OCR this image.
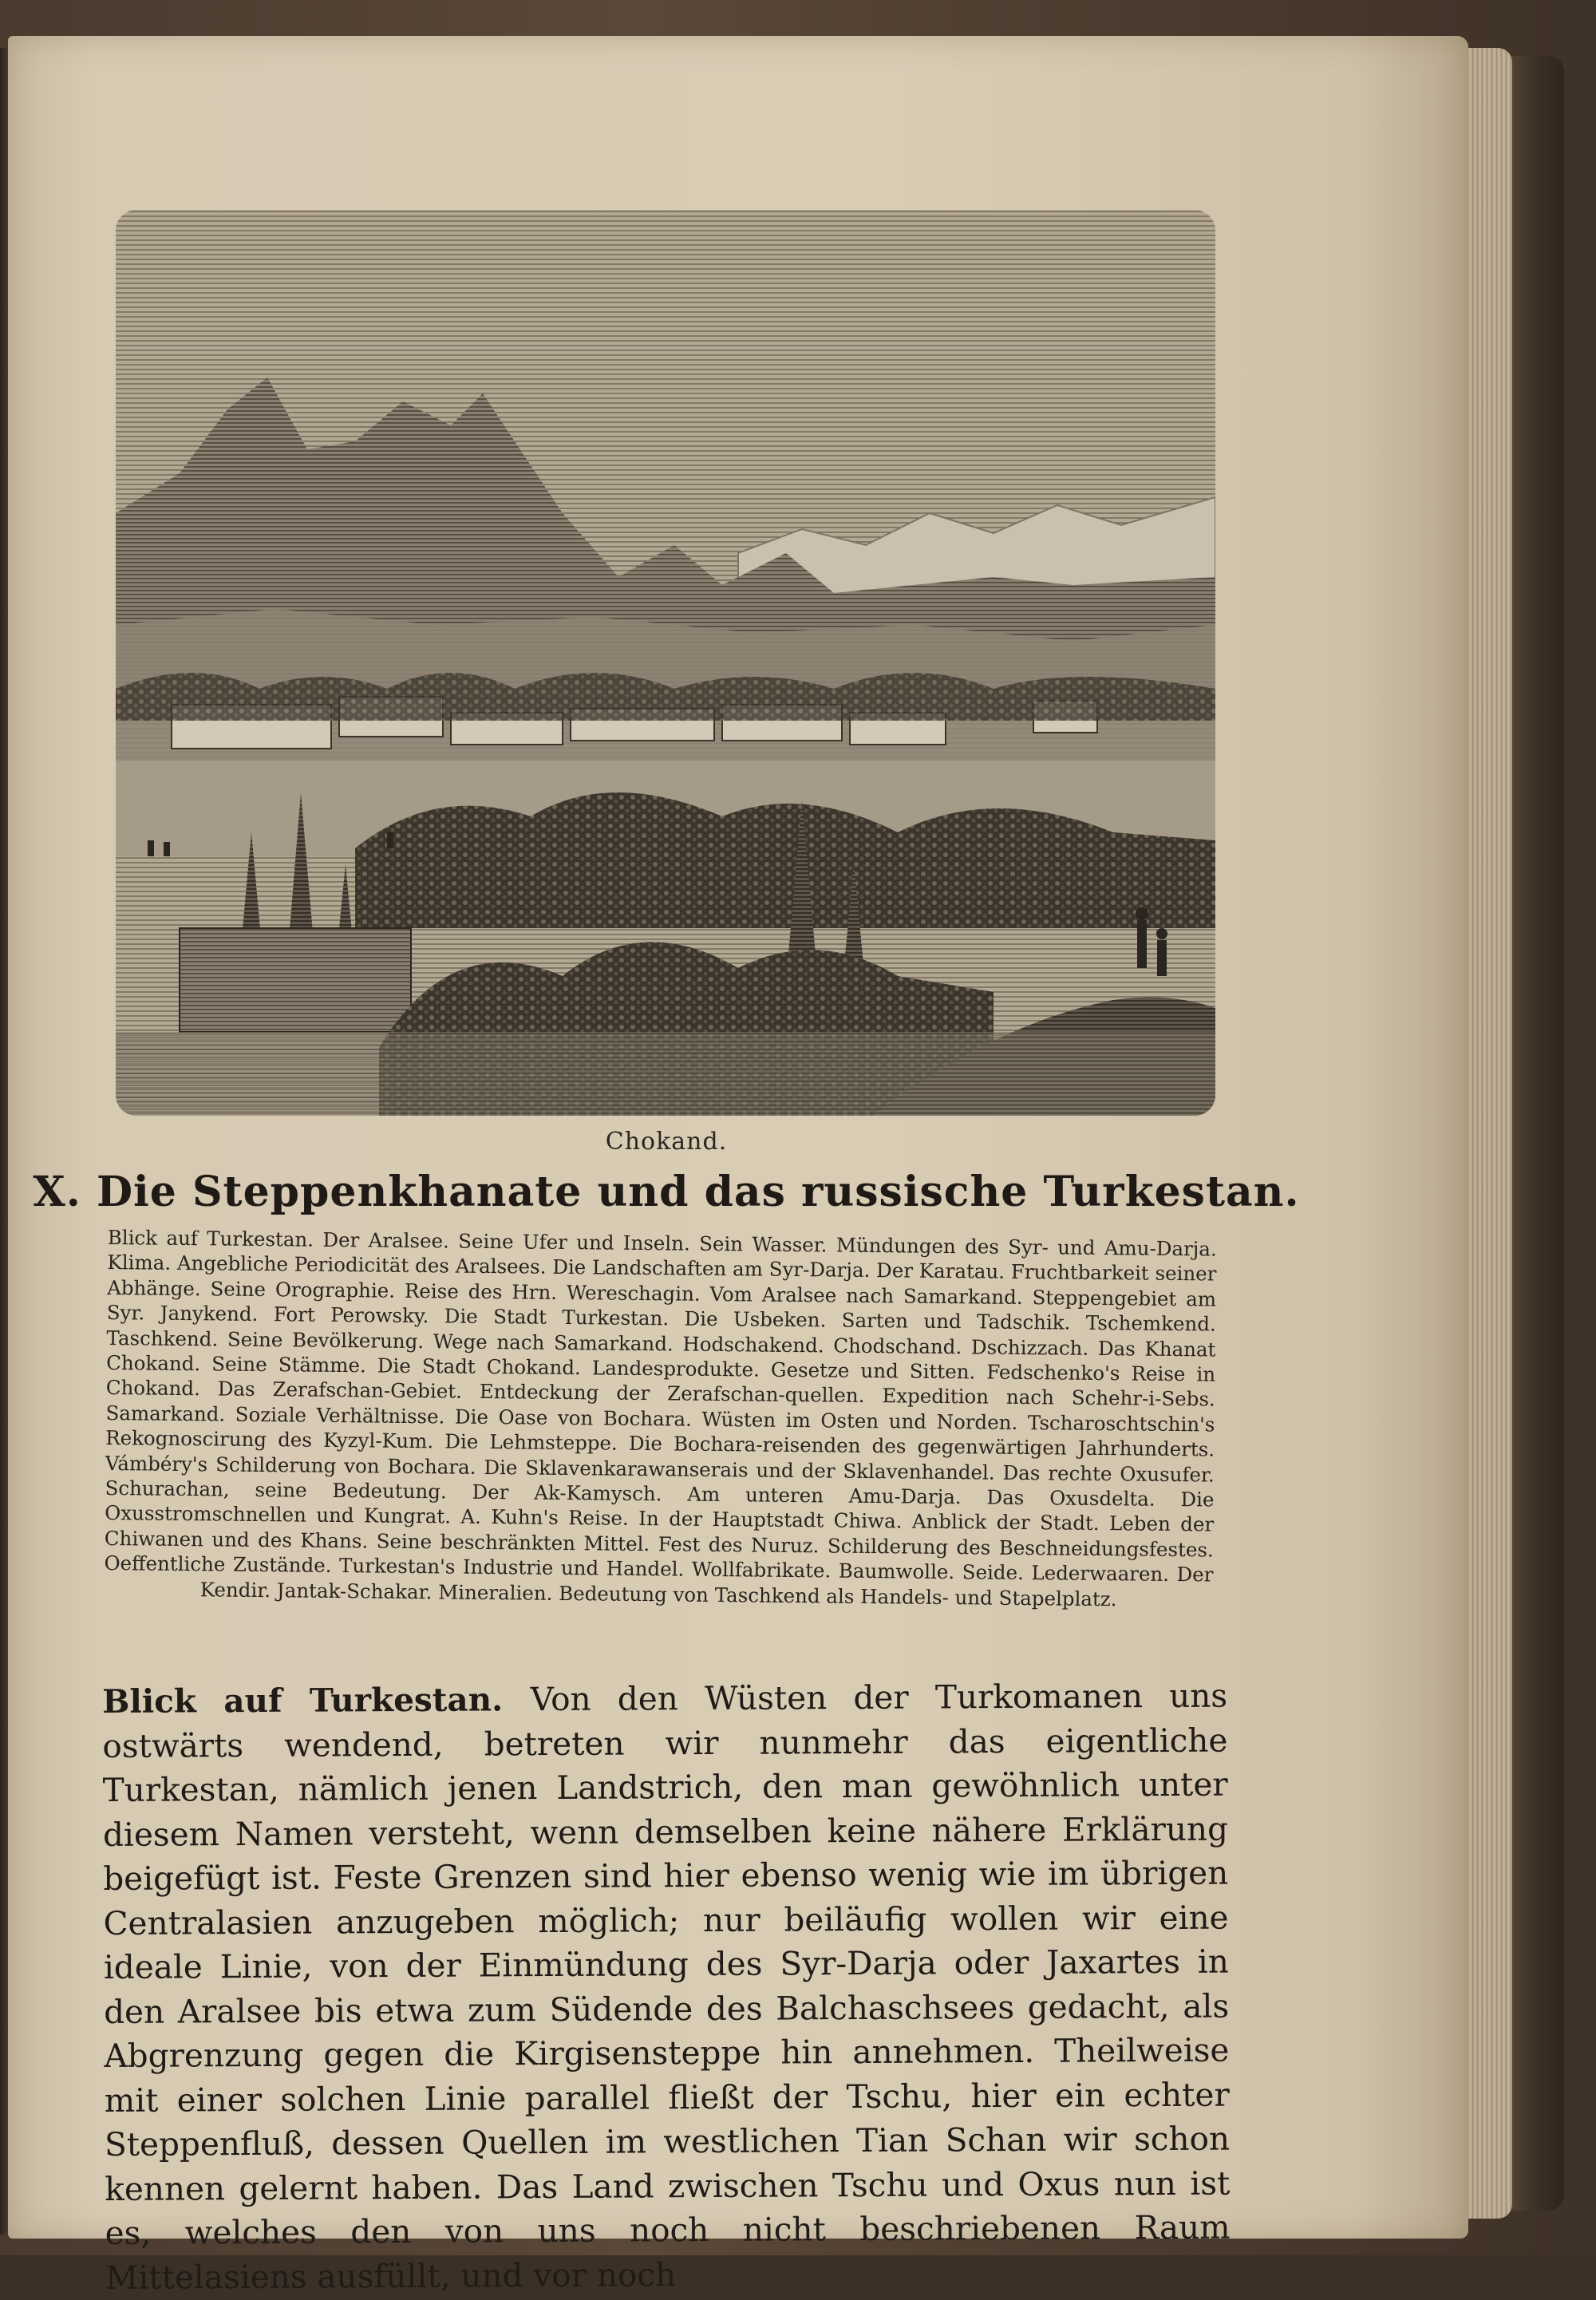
Chokand.
X. Die Steppenkhanate und das russische Turkestan.
Blick auf Turkestan. Der Aralsee. Seine Ufer und Inseln. Sein Wasser. Mündungen des Syr- und Amu-Darja. Klima. Angebliche Periodicität des Aralsees. Die Landschaften am Syr-Darja. Der Karatau. Fruchtbarkeit seiner Abhänge. Seine Orographie. Reise des Hrn. Wereschagin. Vom Aralsee nach Samarkand. Steppengebiet am Syr. Janykend. Fort Perowsky. Die Stadt Turkestan. Die Usbeken. Sarten und Tadschik. Tschemkend. Taschkend. Seine Bevölkerung. Wege nach Samarkand. Hodschakend. Chodschand. Dschizzach. Das Khanat Chokand. Seine Stämme. Die Stadt Chokand. Landesprodukte. Gesetze und Sitten. Fedschenko's Reise in Chokand. Das Zerafschan-Gebiet. Entdeckung der Zerafschan-quellen. Expedition nach Schehr-i-Sebs. Samarkand. Soziale Verhältnisse. Die Oase von Bochara. Wüsten im Osten und Norden. Tscharoschtschin's Rekognoscirung des Kyzyl-Kum. Die Lehmsteppe. Die Bochara-reisenden des gegenwärtigen Jahrhunderts. Vámbéry's Schilderung von Bochara. Die Sklavenkarawanserais und der Sklavenhandel. Das rechte Oxusufer. Schurachan, seine Bedeutung. Der Ak-Kamysch. Am unteren Amu-Darja. Das Oxusdelta. Die Oxusstromschnellen und Kungrat. A. Kuhn's Reise. In der Hauptstadt Chiwa. Anblick der Stadt. Leben der Chiwanen und des Khans. Seine beschränkten Mittel. Fest des Nuruz. Schilderung des Beschneidungsfestes. Oeffentliche Zustände. Turkestan's Industrie und Handel. Wollfabrikate. Baumwolle. Seide. Lederwaaren. Der Kendir. Jantak-Schakar. Mineralien. Bedeutung von Taschkend als Handels- und Stapelplatz.
Blick auf Turkestan. Von den Wüsten der Turkomanen uns ostwärts wendend, betreten wir nunmehr das eigentliche Turkestan, nämlich jenen Landstrich, den man gewöhnlich unter diesem Namen versteht, wenn demselben keine nähere Erklärung beigefügt ist. Feste Grenzen sind hier ebenso wenig wie im übrigen Centralasien anzugeben möglich; nur beiläufig wollen wir eine ideale Linie, von der Einmündung des Syr-Darja oder Jaxartes in den Aralsee bis etwa zum Südende des Balchaschsees gedacht, als Abgrenzung gegen die Kirgisensteppe hin annehmen. Theilweise mit einer solchen Linie parallel fließt der Tschu, hier ein echter Steppenfluß, dessen Quellen im westlichen Tian Schan wir schon kennen gelernt haben. Das Land zwischen Tschu und Oxus nun ist es, welches den von uns noch nicht beschriebenen Raum Mittelasiens ausfüllt, und vor noch
